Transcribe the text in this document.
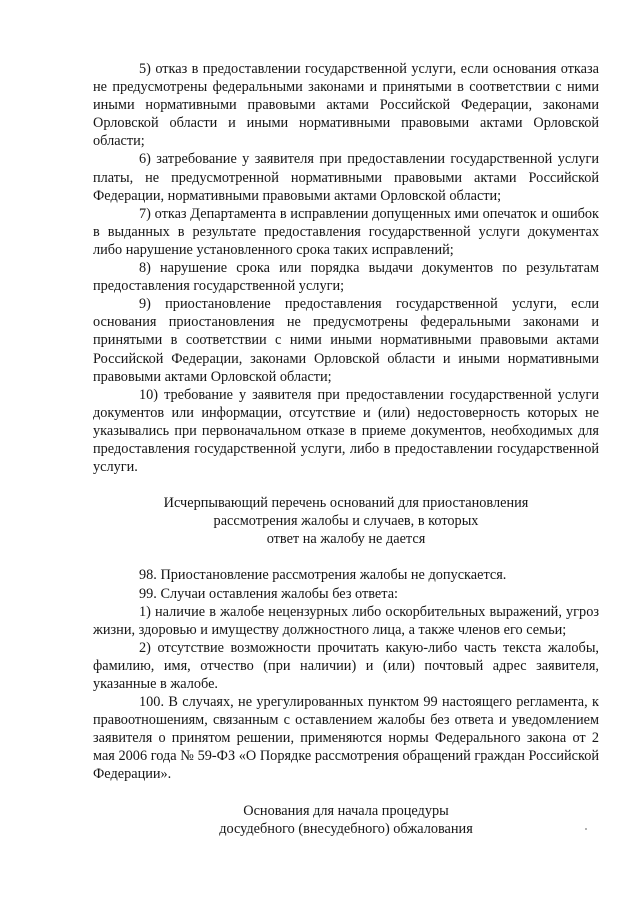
5) отказ в предоставлении государственной услуги, если основания отказа не предусмотрены федеральными законами и принятыми в соответствии с ними иными нормативными правовыми актами Российской Федерации, законами Орловской области и иными нормативными правовыми актами Орловской области;
6) затребование у заявителя при предоставлении государственной услуги платы, не предусмотренной нормативными правовыми актами Российской Федерации, нормативными правовыми актами Орловской области;
7) отказ Департамента в исправлении допущенных ими опечаток и ошибок в выданных в результате предоставления государственной услуги документах либо нарушение установленного срока таких исправлений;
8) нарушение срока или порядка выдачи документов по результатам предоставления государственной услуги;
9) приостановление предоставления государственной услуги, если основания приостановления не предусмотрены федеральными законами и принятыми в соответствии с ними иными нормативными правовыми актами Российской Федерации, законами Орловской области и иными нормативными правовыми актами Орловской области;
10) требование у заявителя при предоставлении государственной услуги документов или информации, отсутствие и (или) недостоверность которых не указывались при первоначальном отказе в приеме документов, необходимых для предоставления государственной услуги, либо в предоставлении государственной услуги.
Исчерпывающий перечень оснований для приостановления
рассмотрения жалобы и случаев, в которых
ответ на жалобу не дается
98. Приостановление рассмотрения жалобы не допускается.
99. Случаи оставления жалобы без ответа:
1) наличие в жалобе нецензурных либо оскорбительных выражений, угроз жизни, здоровью и имуществу должностного лица, а также членов его семьи;
2) отсутствие возможности прочитать какую-либо часть текста жалобы, фамилию, имя, отчество (при наличии) и (или) почтовый адрес заявителя, указанные в жалобе.
100. В случаях, не урегулированных пунктом 99 настоящего регламента, к правоотношениям, связанным с оставлением жалобы без ответа и уведомлением заявителя о принятом решении, применяются нормы Федерального закона от 2 мая 2006 года № 59-ФЗ «О Порядке рассмотрения обращений граждан Российской Федерации».
Основания для начала процедуры
досудебного (внесудебного) обжалования
